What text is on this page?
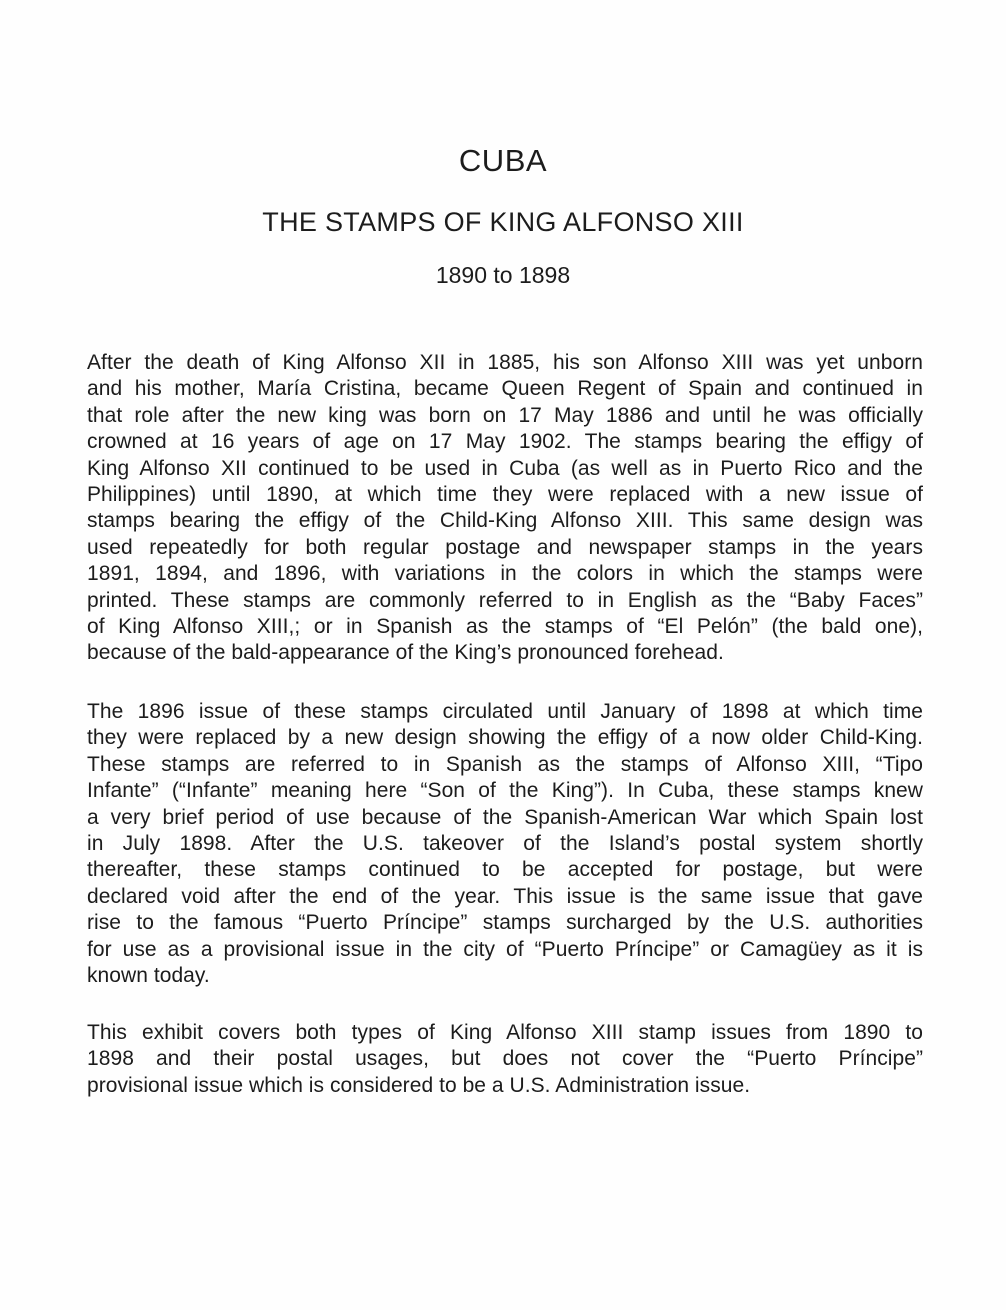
CUBA
THE STAMPS OF KING ALFONSO XIII
1890 to 1898
After the death of King Alfonso XII in 1885, his son Alfonso XIII was yet unborn
and his mother, María Cristina, became Queen Regent of Spain and continued in
that role after the new king was born on 17 May 1886 and until he was officially
crowned at 16 years of age on 17 May 1902. The stamps bearing the effigy of
King Alfonso XII continued to be used in Cuba (as well as in Puerto Rico and the
Philippines) until 1890, at which time they were replaced with a new issue of
stamps bearing the effigy of the Child-King Alfonso XIII. This same design was
used repeatedly for both regular postage and newspaper stamps in the years
1891, 1894, and 1896, with variations in the colors in which the stamps were
printed. These stamps are commonly referred to in English as the “Baby Faces”
of King Alfonso XIII,; or in Spanish as the stamps of “El Pelón” (the bald one),
because of the bald-appearance of the King’s pronounced forehead.
The 1896 issue of these stamps circulated until January of 1898 at which time
they were replaced by a new design showing the effigy of a now older Child-King.
These stamps are referred to in Spanish as the stamps of Alfonso XIII, “Tipo
Infante” (“Infante” meaning here “Son of the King”). In Cuba, these stamps knew
a very brief period of use because of the Spanish-American War which Spain lost
in July 1898. After the U.S. takeover of the Island’s postal system shortly
thereafter, these stamps continued to be accepted for postage, but were
declared void after the end of the year. This issue is the same issue that gave
rise to the famous “Puerto Príncipe” stamps surcharged by the U.S. authorities
for use as a provisional issue in the city of “Puerto Príncipe” or Camagüey as it is
known today.
This exhibit covers both types of King Alfonso XIII stamp issues from 1890 to
1898 and their postal usages, but does not cover the “Puerto Príncipe”
provisional issue which is considered to be a U.S. Administration issue.
